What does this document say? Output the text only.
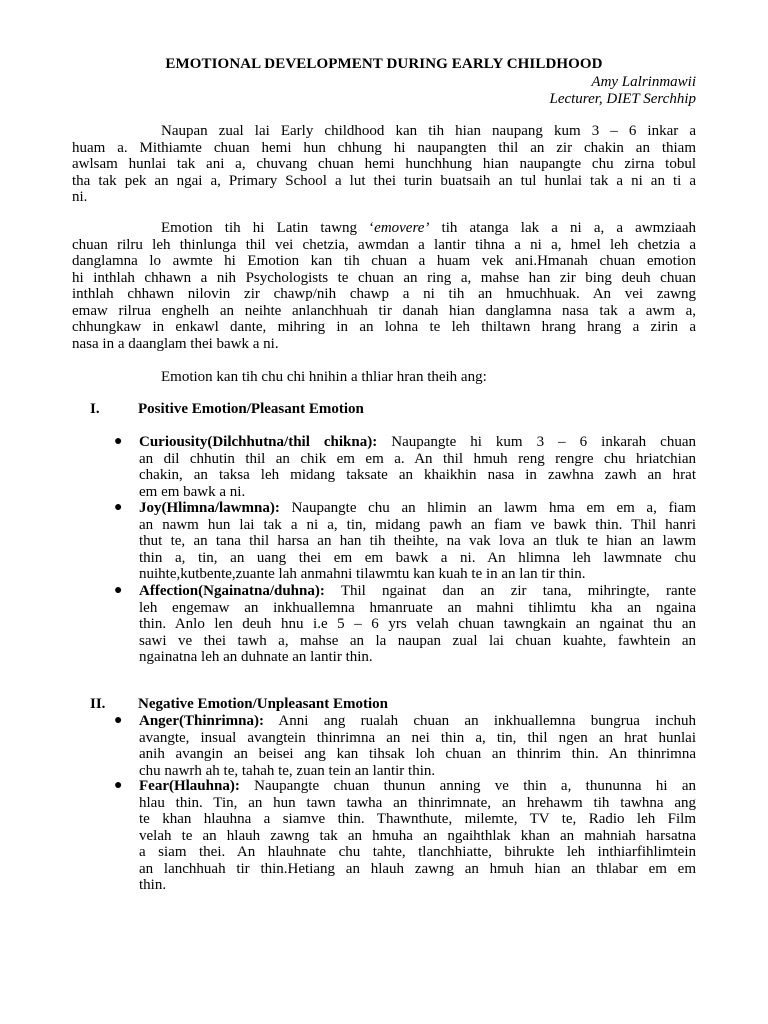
EMOTIONAL DEVELOPMENT DURING EARLY CHILDHOOD
Amy Lalrinmawii
Lecturer, DIET Serchhip
Naupan zual lai Early childhood kan tih hian naupang kum 3 – 6 inkar a
huam a. Mithiamte chuan hemi hun chhung hi naupangten thil an zir chakin an thiam
awlsam hunlai tak ani a, chuvang chuan hemi hunchhung hian naupangte chu zirna tobul
tha tak pek an ngai a, Primary School a lut thei turin buatsaih an tul hunlai tak a ni an ti a
ni.
Emotion tih hi Latin tawng ‘emovere’ tih atanga lak a ni a, a awmziaah
chuan rilru leh thinlunga thil vei chetzia, awmdan a lantir tihna a ni a, hmel leh chetzia a
danglamna lo awmte hi Emotion kan tih chuan a huam vek ani.Hmanah chuan emotion
hi inthlah chhawn a nih Psychologists te chuan an ring a, mahse han zir bing deuh chuan
inthlah chhawn nilovin zir chawp/nih chawp a ni tih an hmuchhuak. An vei zawng
emaw rilrua enghelh an neihte anlanchhuah tir danah hian danglamna nasa tak a awm a,
chhungkaw in enkawl dante, mihring in an lohna te leh thiltawn hrang hrang a zirin a
nasa in a daanglam thei bawk a ni.
Emotion kan tih chu chi hnihin a thliar hran theih ang:
I.	Positive Emotion/Pleasant Emotion
● Curiousity(Dilchhutna/thil chikna): Naupangte hi kum 3 – 6 inkarah chuan
an dil chhutin thil an chik em em a. An thil hmuh reng rengre chu hriatchian
chakin, an taksa leh midang taksate an khaikhin nasa in zawhna zawh an hrat
em em bawk a ni.
● Joy(Hlimna/lawmna): Naupangte chu an hlimin an lawm hma em em a, fiam
an nawm hun lai tak a ni a, tin, midang pawh an fiam ve bawk thin. Thil hanri
thut te, an tana thil harsa an han tih theihte, na vak lova an tluk te hian an lawm
thin a, tin, an uang thei em em bawk a ni. An hlimna leh lawmnate chu
nuihte,kutbente,zuante lah anmahni tilawmtu kan kuah te in an lan tir thin.
● Affection(Ngainatna/duhna): Thil ngainat dan an zir tana, mihringte, rante
leh engemaw an inkhuallemna hmanruate an mahni tihlimtu kha an ngaina
thin. Anlo len deuh hnu i.e 5 – 6 yrs velah chuan tawngkain an ngainat thu an
sawi ve thei tawh a, mahse an la naupan zual lai chuan kuahte, fawhtein an
ngainatna leh an duhnate an lantir thin.
II. Negative Emotion/Unpleasant Emotion
● Anger(Thinrimna): Anni ang rualah chuan an inkhuallemna bungrua inchuh
avangte, insual avangtein thinrimna an nei thin a, tin, thil ngen an hrat hunlai
anih avangin an beisei ang kan tihsak loh chuan an thinrim thin. An thinrimna
chu nawrh ah te, tahah te, zuan tein an lantir thin.
● Fear(Hlauhna): Naupangte chuan thunun anning ve thin a, thununna hi an
hlau thin. Tin, an hun tawn tawha an thinrimnate, an hrehawm tih tawhna ang
te khan hlauhna a siamve thin. Thawnthute, milemte, TV te, Radio leh Film
velah te an hlauh zawng tak an hmuha an ngaihthlak khan an mahniah harsatna
a siam thei. An hlauhnate chu tahte, tlanchhiatte, bihrukte leh inthiarfihlimtein
an lanchhuah tir thin.Hetiang an hlauh zawng an hmuh hian an thlabar em em
thin.
